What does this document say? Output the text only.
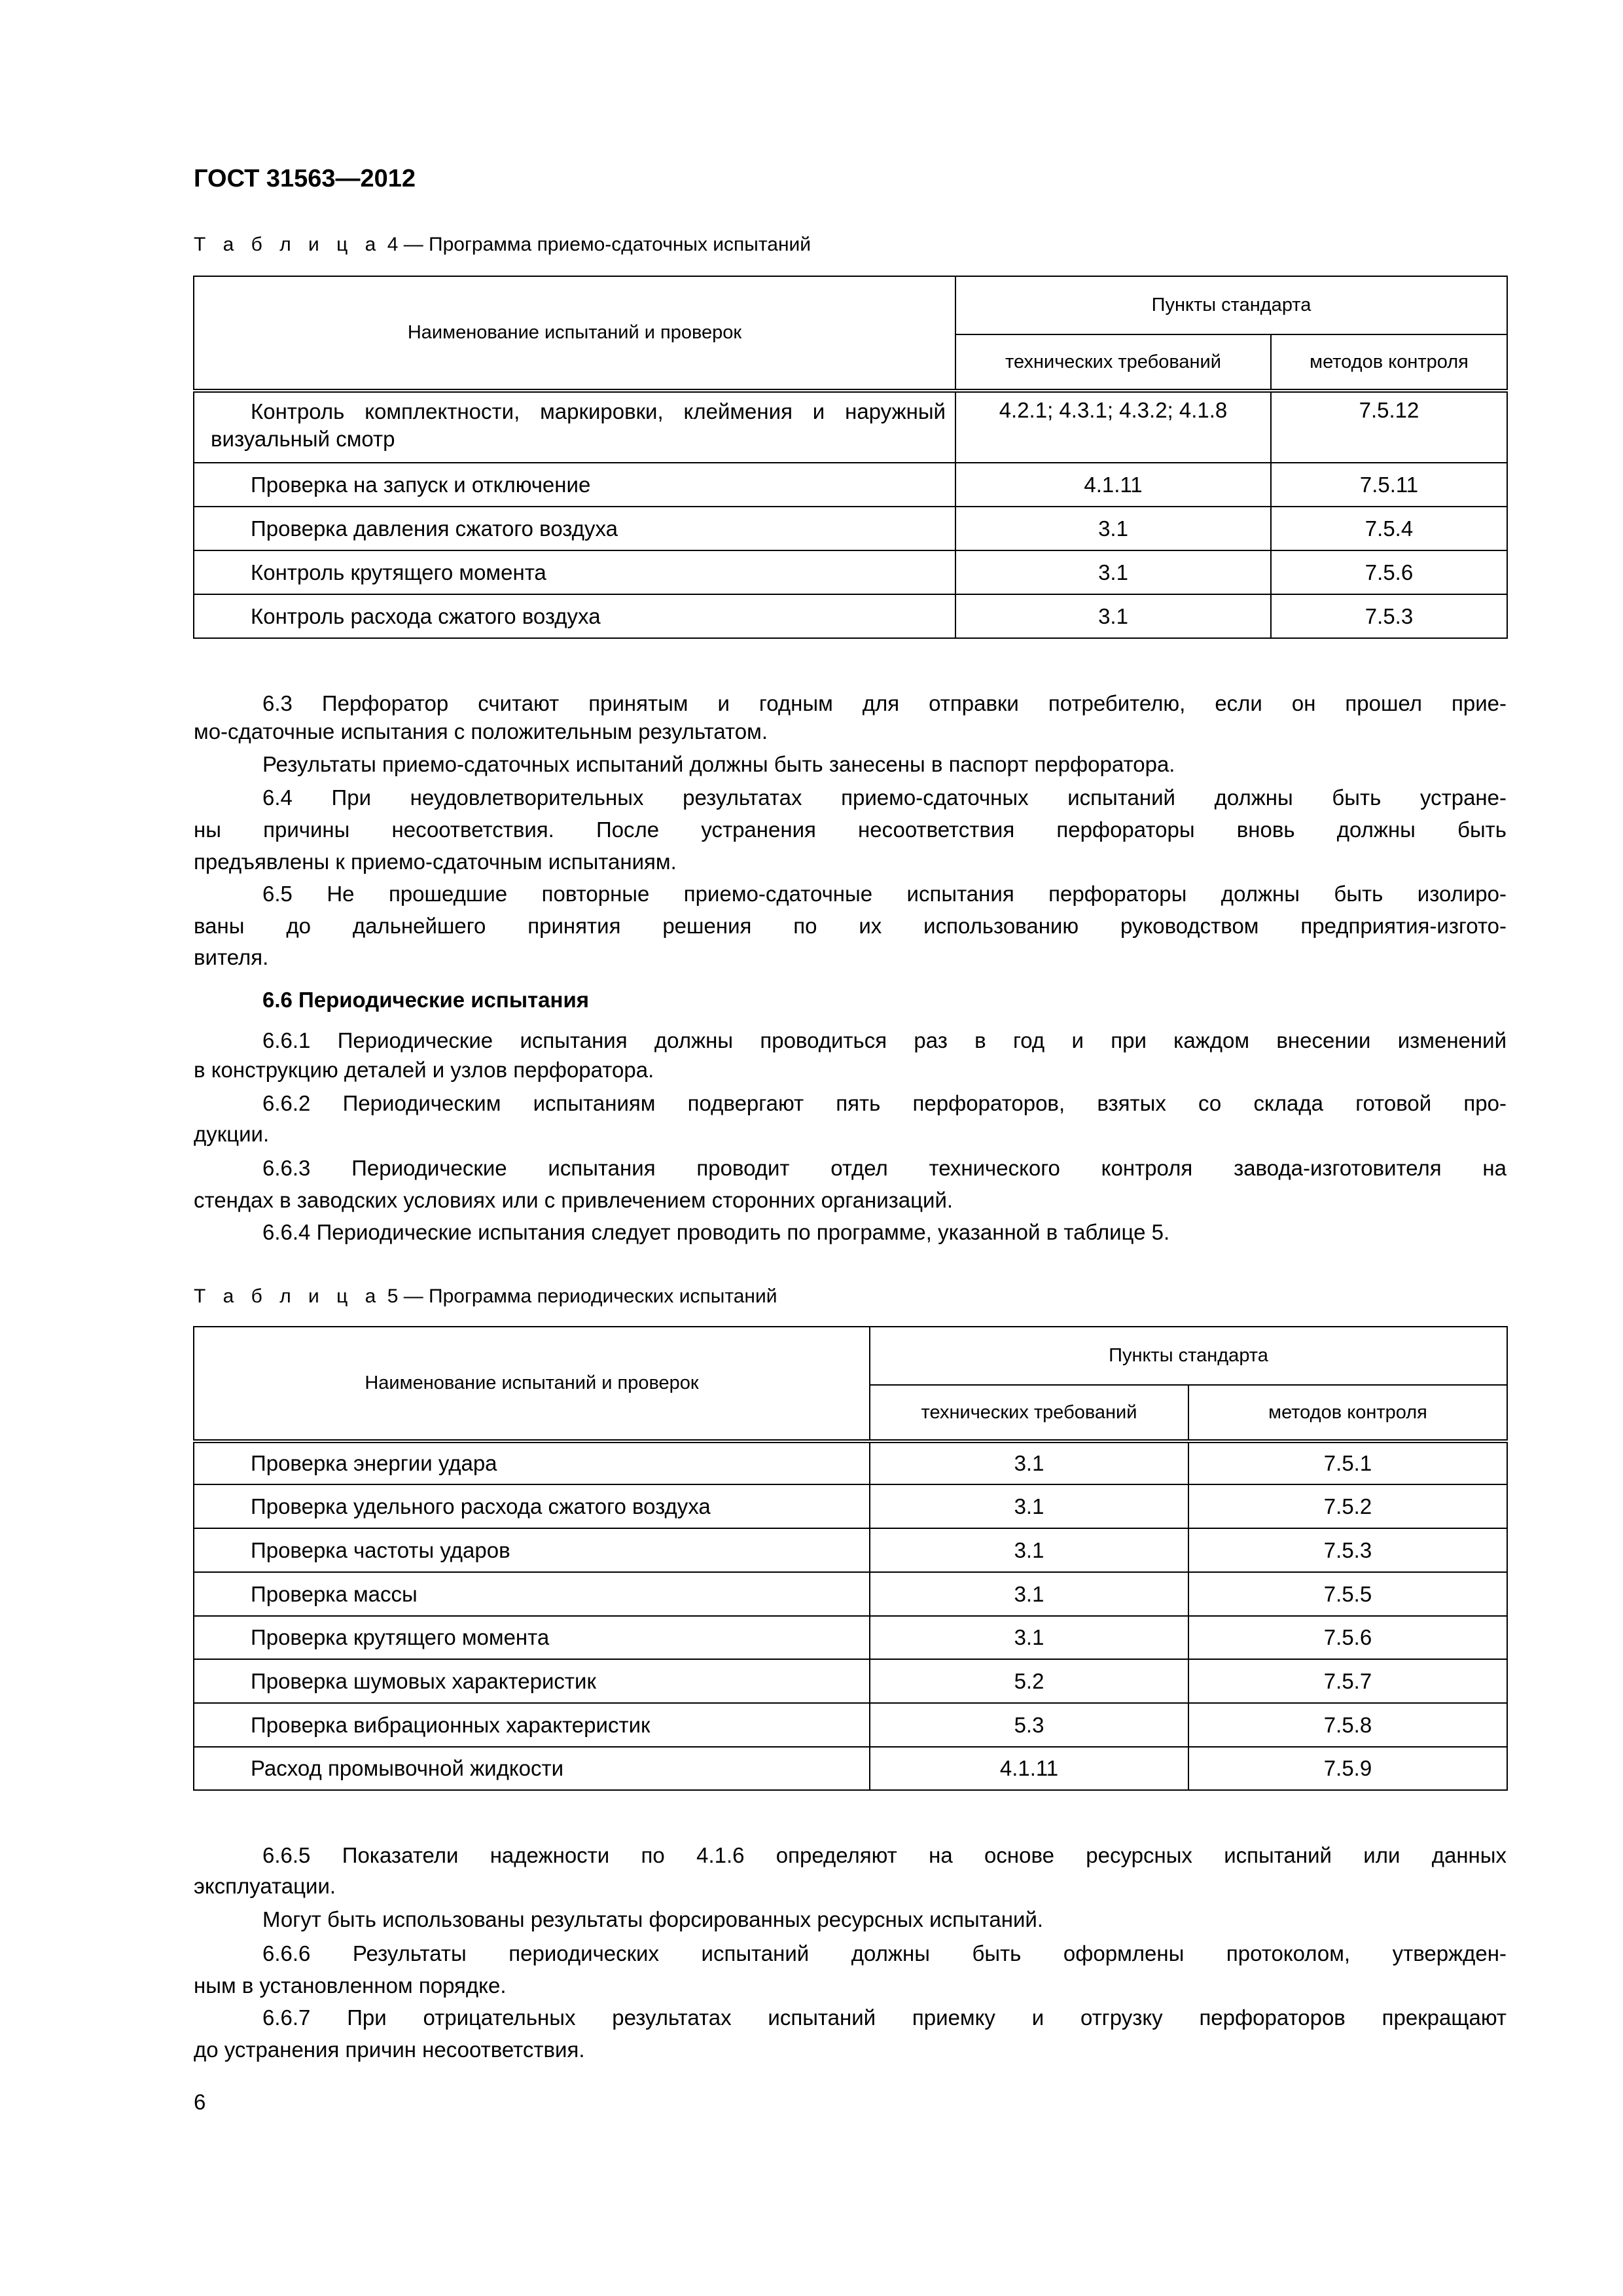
ГОСТ 31563—2012
Т а б л и ц а 4 — Программа приемо-сдаточных испытаний
Наименование испытаний и проверок	Пункты стандарта	
	технических требований	методов контроля
Контроль комплектности, маркировки, клеймения и наружный визуальный смотр	4.2.1; 4.3.1; 4.3.2; 4.1.8	7.5.12
Проверка на запуск и отключение	4.1.11	7.5.11
Проверка давления сжатого воздуха	3.1	7.5.4
Контроль крутящего момента	3.1	7.5.6
Контроль расхода сжатого воздуха	3.1	7.5.3
6.3 Перфоратор считают принятым и годным для отправки потребителю, если он прошел прие-
мо-сдаточные испытания с положительным результатом.
Результаты приемо-сдаточных испытаний должны быть занесены в паспорт перфоратора.
6.4 При неудовлетворительных результатах приемо-сдаточных испытаний должны быть устране-
ны причины несоответствия. После устранения несоответствия перфораторы вновь должны быть
предъявлены к приемо-сдаточным испытаниям.
6.5 Не прошедшие повторные приемо-сдаточные испытания перфораторы должны быть изолиро-
ваны до дальнейшего принятия решения по их использованию руководством предприятия-изгото-
вителя.
6.6 Периодические испытания
6.6.1 Периодические испытания должны проводиться раз в год и при каждом внесении изменений
в конструкцию деталей и узлов перфоратора.
6.6.2 Периодическим испытаниям подвергают пять перфораторов, взятых со склада готовой про-
дукции.
6.6.3 Периодические испытания проводит отдел технического контроля завода-изготовителя на
стендах в заводских условиях или с привлечением сторонних организаций.
6.6.4 Периодические испытания следует проводить по программе, указанной в таблице 5.
Т а б л и ц а 5 — Программа периодических испытаний
Наименование испытаний и проверок	Пункты стандарта	
	технических требований	методов контроля
Проверка энергии удара	3.1	7.5.1
Проверка удельного расхода сжатого воздуха	3.1	7.5.2
Проверка частоты ударов	3.1	7.5.3
Проверка массы	3.1	7.5.5
Проверка крутящего момента	3.1	7.5.6
Проверка шумовых характеристик	5.2	7.5.7
Проверка вибрационных характеристик	5.3	7.5.8
Расход промывочной жидкости	4.1.11	7.5.9
6.6.5 Показатели надежности по 4.1.6 определяют на основе ресурсных испытаний или данных
эксплуатации.
Могут быть использованы результаты форсированных ресурсных испытаний.
6.6.6 Результаты периодических испытаний должны быть оформлены протоколом, утвержден-
ным в установленном порядке.
6.6.7 При отрицательных результатах испытаний приемку и отгрузку перфораторов прекращают
до устранения причин несоответствия.
6
